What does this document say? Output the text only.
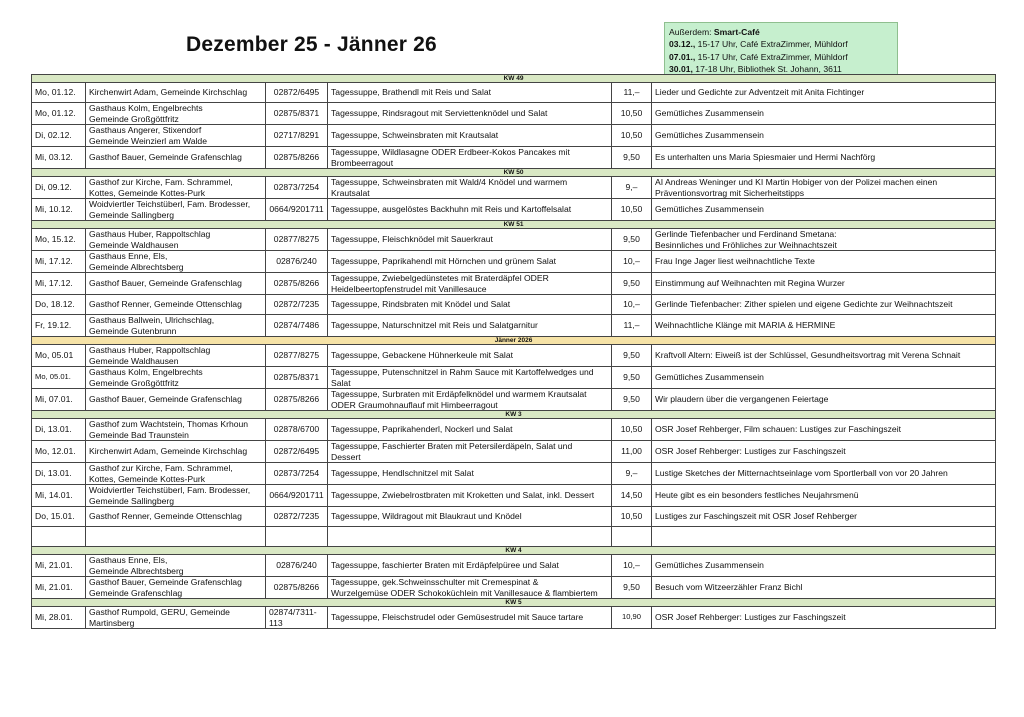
Dezember 25 - Jänner 26
Außerdem: Smart-Café
03.12., 15-17 Uhr, Café ExtraZimmer, Mühldorf
07.01., 15-17 Uhr, Café ExtraZimmer, Mühldorf
30.01, 17-18 Uhr, Bibliothek St. Johann, 3611
KW 49					
Mo, 01.12.	Kirchenwirt Adam, Gemeinde Kirchschlag	02872/6495	Tagessuppe, Brathendl mit Reis und Salat	11,–	Lieder und Gedichte zur Adventzeit mit Anita Fichtinger

Mo, 01.12.	Gasthaus Kolm, Engelbrechts
Gemeinde Großgöttfritz	02875/8371	Tagessuppe, Rindsragout mit Serviettenknödel und Salat	10,50	Gemütliches Zusammensein

Di, 02.12.	Gasthaus Angerer, Stixendorf
Gemeinde Weinzierl am Walde	02717/8291	Tagessuppe, Schweinsbraten mit Krautsalat	10,50	Gemütliches Zusammensein

Mi, 03.12.	Gasthof Bauer, Gemeinde Grafenschlag	02875/8266	Tagessuppe, Wildlasagne ODER Erdbeer-Kokos Pancakes mit
Brombeerragout	9,50	Es unterhalten uns Maria Spiesmaier und Hermi Nachförg

KW 50					
Di, 09.12.	Gasthof zur Kirche, Fam. Schrammel,
Kottes, Gemeinde Kottes-Purk	02873/7254	Tagessuppe, Schweinsbraten mit Wald/4 Knödel und warmem
Krautsalat	9,–	AI Andreas Weninger und KI Martin Hobiger von der Polizei machen einen
Präventionsvortrag mit Sicherheitstipps

Mi, 10.12.	Woidviertler Teichstüberl, Fam. Brodesser,
Gemeinde Sallingberg	0664/9201711	Tagessuppe, ausgelöstes Backhuhn mit Reis und Kartoffelsalat	10,50	Gemütliches Zusammensein

KW 51					
Mo, 15.12.	Gasthaus Huber, Rappoltschlag
Gemeinde Waldhausen	02877/8275	Tagessuppe, Fleischknödel mit Sauerkraut	9,50	Gerlinde Tiefenbacher und Ferdinand Smetana:
Besinnliches und Fröhliches zur Weihnachtszeit

Mi, 17.12.	Gasthaus Enne, Els,
Gemeinde Albrechtsberg	02876/240	Tagessuppe, Paprikahendl mit Hörnchen und grünem Salat	10,–	Frau Inge Jager liest weihnachtliche Texte

Mi, 17.12.	Gasthof Bauer, Gemeinde Grafenschlag	02875/8266	Tagessuppe, Zwiebelgedünstetes mit Braterdäpfel ODER
Heidelbeertopfenstrudel mit Vanillesauce	9,50	Einstimmung auf Weihnachten mit Regina Wurzer

Do, 18.12.	Gasthof Renner, Gemeinde Ottenschlag	02872/7235	Tagessuppe, Rindsbraten mit Knödel und Salat	10,–	Gerlinde Tiefenbacher: Zither spielen und eigene Gedichte zur Weihnachtszeit

Fr, 19.12.	Gasthaus Ballwein, Ulrichschlag,
Gemeinde Gutenbrunn	02874/7486	Tagessuppe, Naturschnitzel mit Reis und Salatgarnitur	11,–	Weihnachtliche Klänge mit MARIA & HERMINE

Jänner 2026					
Mo, 05.01	Gasthaus Huber, Rappoltschlag
Gemeinde Waldhausen	02877/8275	Tagessuppe, Gebackene Hühnerkeule mit Salat	9,50	Kraftvoll Altern: Eiweiß ist der Schlüssel, Gesundheitsvortrag mit Verena Schnait

Mo, 05.01.	Gasthaus Kolm, Engelbrechts
Gemeinde Großgöttfritz	02875/8371	Tagessuppe, Putenschnitzel in Rahm Sauce mit Kartoffelwedges und
Salat	9,50	Gemütliches Zusammensein

Mi, 07.01.	Gasthof Bauer, Gemeinde Grafenschlag	02875/8266	Tagessuppe, Surbraten mit Erdäpfelknödel und warmem Krautsalat
ODER Graumohnauflauf mit Himbeerragout	9,50	Wir plaudern über die vergangenen Feiertage

KW 3					
Di, 13.01.	Gasthof zum Wachtstein, Thomas Krhoun
Gemeinde Bad Traunstein	02878/6700	Tagessuppe, Paprikahenderl, Nockerl und Salat	10,50	OSR Josef Rehberger, Film schauen: Lustiges zur Faschingszeit

Mo, 12.01.	Kirchenwirt Adam, Gemeinde Kirchschlag	02872/6495	Tagessuppe, Faschierter Braten mit Petersilerdäpeln, Salat und
Dessert	11,00	OSR Josef Rehberger: Lustiges zur Faschingszeit

Di, 13.01.	Gasthof zur Kirche, Fam. Schrammel,
Kottes, Gemeinde Kottes-Purk	02873/7254	Tagessuppe, Hendlschnitzel mit Salat	9,–	Lustige Sketches der Mitternachtseinlage vom Sportlerball von vor 20 Jahren

Mi, 14.01.	Woidviertler Teichstüberl, Fam. Brodesser,
Gemeinde Sallingberg	0664/9201711	Tagessuppe, Zwiebelrostbraten mit Kroketten und Salat, inkl. Dessert	14,50	Heute gibt es ein besonders festliches Neujahrsmenü

Do, 15.01.	Gasthof Renner, Gemeinde Ottenschlag	02872/7235	Tagessuppe, Wildragout mit Blaukraut und Knödel	10,50	Lustiges zur Faschingszeit mit OSR Josef Rehberger

KW 4					
Mi, 21.01.	Gasthaus Enne, Els,
Gemeinde Albrechtsberg	02876/240	Tagessuppe, faschierter Braten mit Erdäpfelpüree und Salat	10,–	Gemütliches Zusammensein

Mi, 21.01.	Gasthof Bauer, Gemeinde Grafenschlag
Gemeinde Grafenschlag	02875/8266	Tagessuppe, gek.Schweinsschulter mit Cremespinat &
Wurzelgemüse ODER Schokoküchlein mit Vanillesauce & flambiertem	9,50	Besuch vom Witzeerzähler Franz Bichl

KW 5					
Mi, 28.01.	Gasthof Rumpold, GERU, Gemeinde
Martinsberg	02874/7311-
113	Tagessuppe, Fleischstrudel oder Gemüsestrudel mit Sauce tartare	10,90	OSR Josef Rehberger: Lustiges zur Faschingszeit
